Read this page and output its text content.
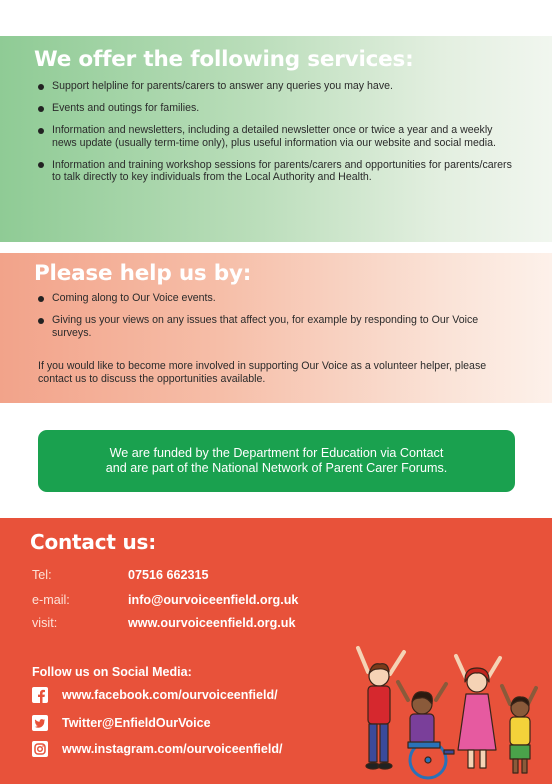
We offer the following services:
Support helpline for parents/carers to answer any queries you may have.
Events and outings for families.
Information and newsletters, including a detailed newsletter once or twice a year and a weekly news update (usually term-time only), plus useful information via our website and social media.
Information and training workshop sessions for parents/carers and opportunities for parents/carers to talk directly to key individuals from the Local Authority and Health.
Please help us by:
Coming along to Our Voice events.
Giving us your views on any issues that affect you, for example by responding to Our Voice surveys.

If you would like to become more involved in supporting Our Voice as a volunteer helper, please contact us to discuss the opportunities available.

We are funded by the Department for Education via Contact
and are part of the National Network of Parent Carer Forums.
Contact us:
Tel:	07516 662315
e-mail:	info@ourvoiceenfield.org.uk
visit:	www.ourvoiceenfield.org.uk
Follow us on Social Media:
www.facebook.com/ourvoiceenfield/
Twitter@EnfieldOurVoice
www.instagram.com/ourvoiceenfield/
